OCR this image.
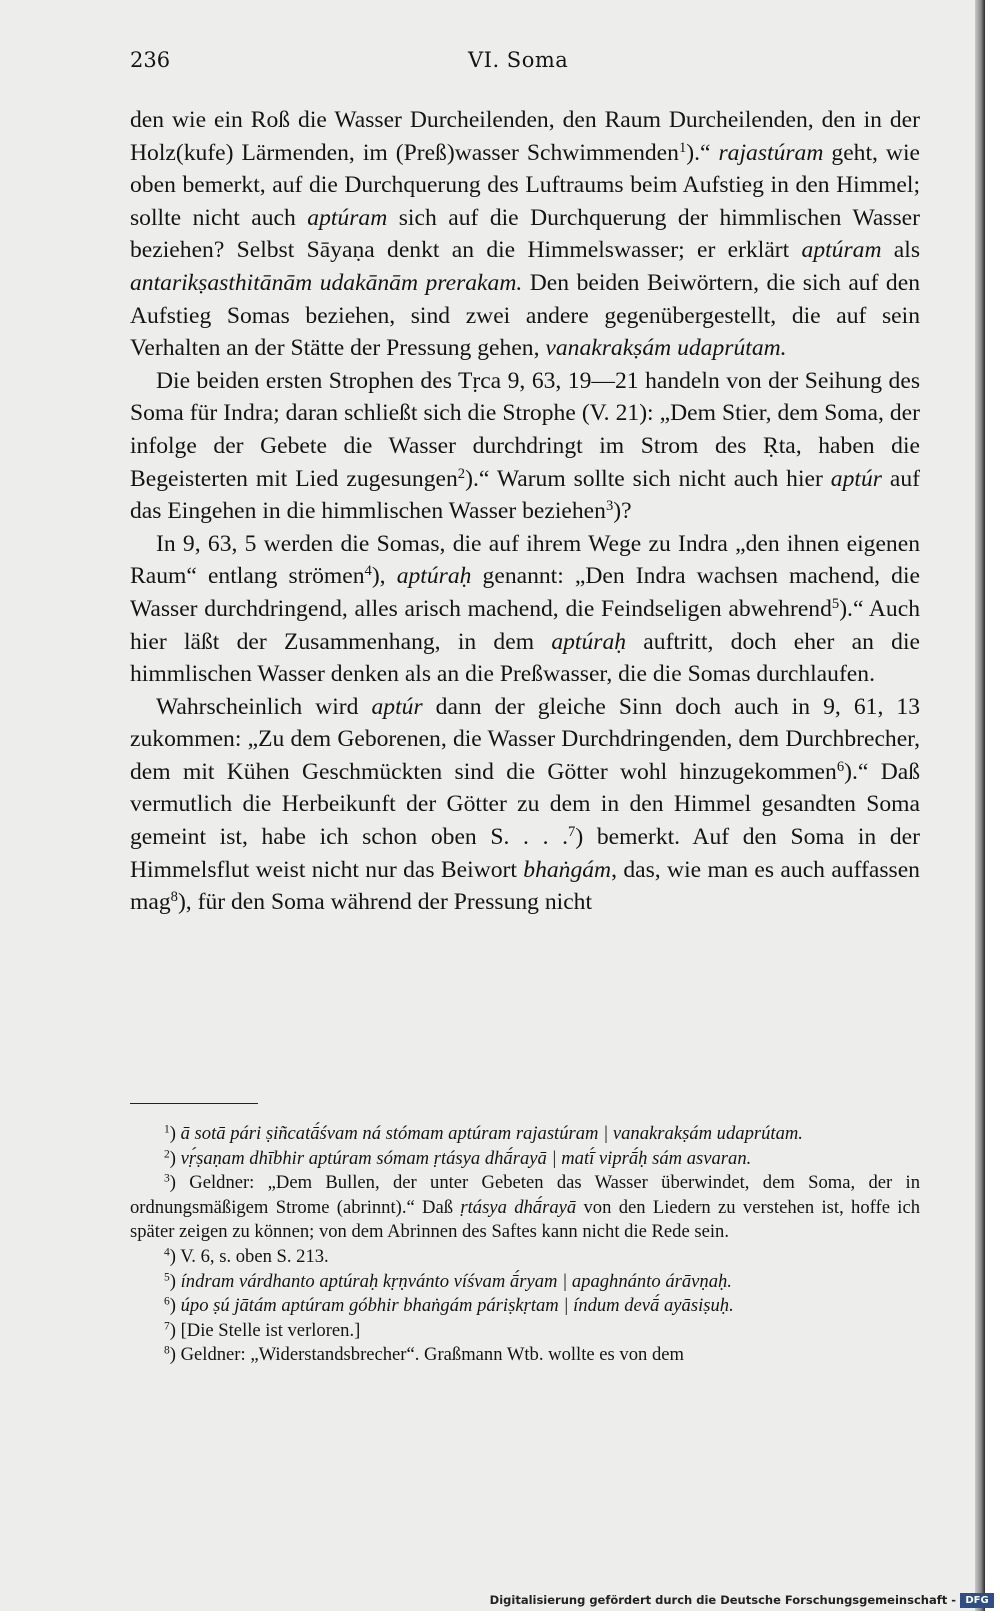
236	VI. Soma

den wie ein Roß die Wasser Durcheilenden, den Raum Durcheilenden, den in der Holz(kufe) Lärmenden, im (Preß)wasser Schwimmenden$^1$).“ rajastúram geht, wie oben bemerkt, auf die Durchquerung des Luftraums beim Aufstieg in den Himmel; sollte nicht auch aptúram sich auf die Durchquerung der himmlischen Wasser beziehen? Selbst Sāyaṇa denkt an die Himmelswasser; er erklärt aptúram als antarikṣasthitānām udakānām prerakam. Den beiden Beiwörtern, die sich auf den Aufstieg Somas beziehen, sind zwei andere gegenübergestellt, die auf sein Verhalten an der Stätte der Pressung gehen, vanakrakṣám udaprútam.

Die beiden ersten Strophen des Tṛca 9, 63, 19—21 handeln von der Seihung des Soma für Indra; daran schließt sich die Strophe (V. 21): „Dem Stier, dem Soma, der infolge der Gebete die Wasser durchdringt im Strom des Ṛta, haben die Begeisterten mit Lied zugesungen$^2$).“ Warum sollte sich nicht auch hier aptúr auf das Eingehen in die himmlischen Wasser beziehen$^3$)?

In 9, 63, 5 werden die Somas, die auf ihrem Wege zu Indra „den ihnen eigenen Raum“ entlang strömen$^4$), aptúraḥ genannt: „Den Indra wachsen machend, die Wasser durchdringend, alles arisch machend, die Feindseligen abwehrend$^5$).“ Auch hier läßt der Zusammenhang, in dem aptúraḥ auftritt, doch eher an die himmlischen Wasser denken als an die Preßwasser, die die Somas durchlaufen.

Wahrscheinlich wird aptúr dann der gleiche Sinn doch auch in 9, 61, 13 zukommen: „Zu dem Geborenen, die Wasser Durchdringenden, dem Durchbrecher, dem mit Kühen Geschmückten sind die Götter wohl hinzugekommen$^6$).“ Daß vermutlich die Herbeikunft der Götter zu dem in den Himmel gesandten Soma gemeint ist, habe ich schon oben S. . . .$^7$) bemerkt. Auf den Soma in der Himmelsflut weist nicht nur das Beiwort bhaṅgám, das, wie man es auch auffassen mag$^8$), für den Soma während der Pressung nicht

$^1$) ā sotā pári ṣiñcatā́śvam ná stómam aptúram rajastúram | vanakrakṣám udaprútam.

$^2$) vṛ́ṣaṇam dhībhir aptúram sómam ṛtásya dhā́rayā | matī́ viprā́ḥ sám asvaran.

$^3$) Geldner: „Dem Bullen, der unter Gebeten das Wasser überwindet, dem Soma, der in ordnungsmäßigem Strome (abrinnt).“ Daß ṛtásya dhā́rayā von den Liedern zu verstehen ist, hoffe ich später zeigen zu können; von dem Abrinnen des Saftes kann nicht die Rede sein.

$^4$) V. 6, s. oben S. 213.

$^5$) índram várdhanto aptúraḥ kṛṇvánto víśvam ā́ryam | apaghnánto árāvṇaḥ.

$^6$) úpo ṣú jātám aptúram góbhir bhaṅgám páriṣkṛtam | índum devā́ ayāsiṣuḥ.

$^7$) [Die Stelle ist verloren.]

$^8$) Geldner: „Widerstandsbrecher“. Graßmann Wtb. wollte es von dem

Digitalisierung gefördert durch die Deutsche Forschungsgemeinschaft - DFG
